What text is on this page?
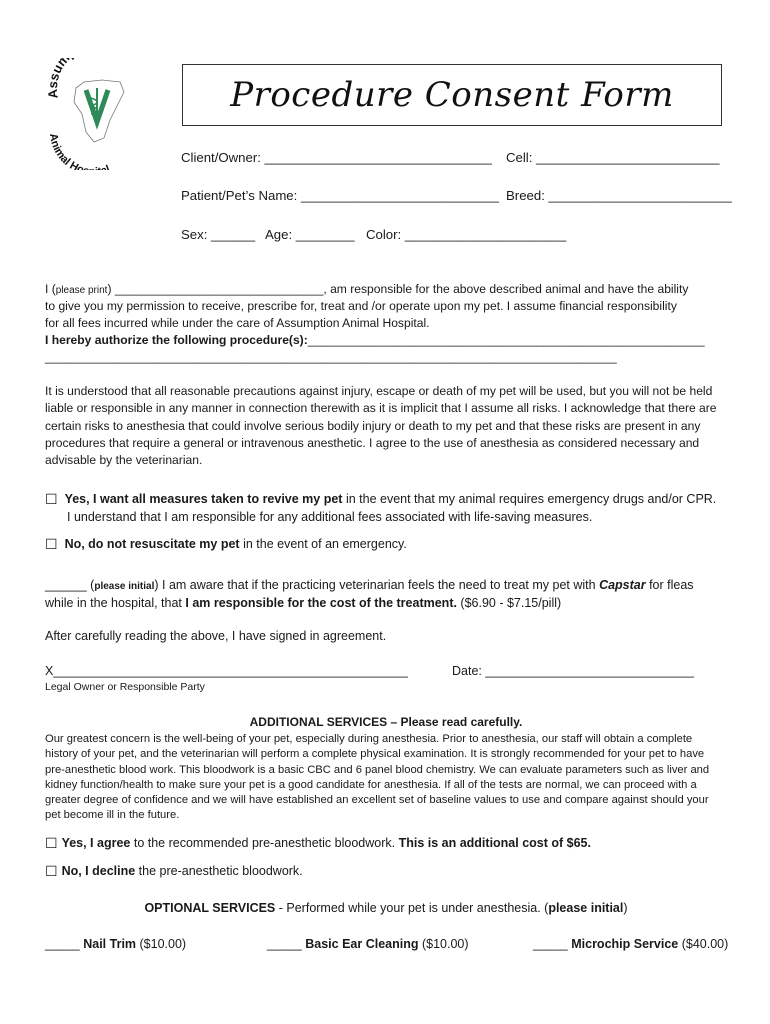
Assum
Animal Ho l
Procedure Consent Form
Client/Owner: _______________________________ Cell: _________________________
Patient/Pet’s Name: ___________________________ Breed: _________________________
Sex: ______ Age: ________ Color: ______________________
I (please print) _______________________________, am responsible for the above described animal and have the ability
to give you my permission to receive, prescribe for, treat and /or operate upon my pet. I assume financial responsibility
for all fees incurred while under the care of Assumption Animal Hospital.
I hereby authorize the following procedure(s):___________________________________________________________
_____________________________________________________________________________________
It is understood that all reasonable precautions against injury, escape or death of my pet will be used, but you will not be held liable or responsible in any manner in connection therewith as it is implicit that I assume all risks. I acknowledge that there are certain risks to anesthesia that could involve serious bodily injury or death to my pet and that these risks are present in any procedures that require a general or intravenous anesthetic. I agree to the use of anesthesia as considered necessary and advisable by the veterinarian.
☐ Yes, I want all measures taken to revive my pet in the event that my animal requires emergency drugs and/or CPR.
I understand that I am responsible for any additional fees associated with life-saving measures.
☐ No, do not resuscitate my pet in the event of an emergency.
______ (please initial) I am aware that if the practicing veterinarian feels the need to treat my pet with Capstar for fleas
while in the hospital, that I am responsible for the cost of the treatment. ($6.90 - $7.15/pill)
After carefully reading the above, I have signed in agreement.
X___________________________________________________	Date: ______________________________
Legal Owner or Responsible Party
ADDITIONAL SERVICES – Please read carefully.
Our greatest concern is the well-being of your pet, especially during anesthesia. Prior to anesthesia, our staff will obtain a complete history of your pet, and the veterinarian will perform a complete physical examination. It is strongly recommended for your pet to have pre-anesthetic blood work. This bloodwork is a basic CBC and 6 panel blood chemistry. We can evaluate parameters such as liver and kidney function/health to make sure your pet is a good candidate for anesthesia. If all of the tests are normal, we can proceed with a greater degree of confidence and we will have established an excellent set of baseline values to use and compare against should your pet become ill in the future.
☐ Yes, I agree to the recommended pre-anesthetic bloodwork. This is an additional cost of $65.
☐ No, I decline the pre-anesthetic bloodwork.
OPTIONAL SERVICES - Performed while your pet is under anesthesia. (please initial)
_____ Nail Trim ($10.00)	_____ Basic Ear Cleaning ($10.00)	_____ Microchip Service ($40.00)
